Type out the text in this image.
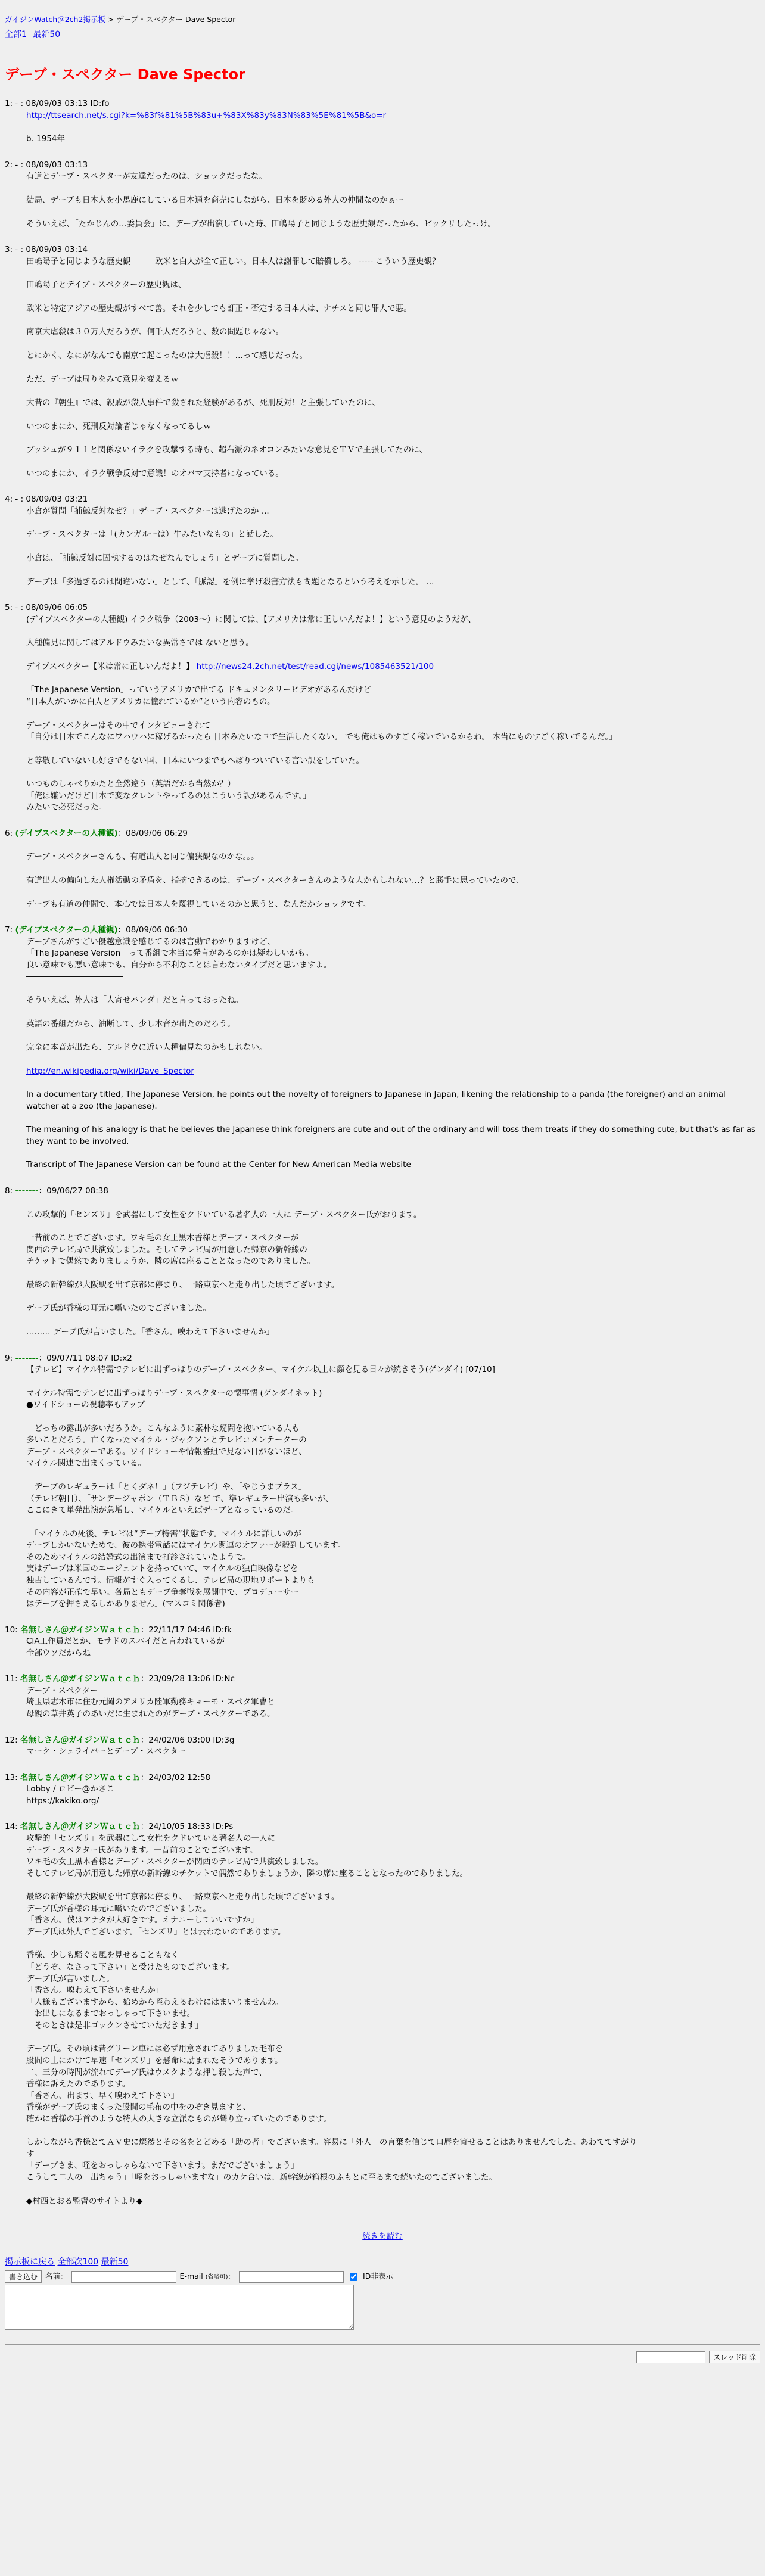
ガイジンWatch＠2ch2掲示板 > デーブ・スペクター Dave Spector

全部1 最新50
デーブ・スペクター Dave Spector
1: - : 08/09/03 03:13 ID:fo

http://ttsearch.net/s.cgi?k=%83f%81%5B%83u+%83X%83y%83N%83%5E%81%5B&o=r

b. 1954年

2: - : 08/09/03 03:13

有道とデーブ・スペクターが友達だったのは、ショックだったな。

結局、デーブも日本人を小馬鹿にしている日本通を商売にしながら、日本を貶める外人の仲間なのかぁー

そういえば、「たかじんの…委員会」に、デーブが出演していた時、田嶋陽子と同じような歴史観だったから、ビックリしたっけ。

3: - : 08/09/03 03:14

田嶋陽子と同じような歴史観　＝　欧米と白人が全て正しい。日本人は謝罪して賠償しろ。 ----- こういう歴史観？

田嶋陽子とデイブ・スペクターの歴史観は、

欧米と特定アジアの歴史観がすべて善。それを少しでも訂正・否定する日本人は、ナチスと同じ罪人で悪。

南京大虐殺は３０万人だろうが、何千人だろうと、数の問題じゃない。

とにかく、なにがなんでも南京で起こったのは大虐殺！！…って感じだった。

ただ、デーブは周りをみて意見を変えるｗ

大昔の『朝生』では、親戚が殺人事件で殺された経験があるが、死刑反対！と主張していたのに、

いつのまにか、死刑反対論者じゃなくなってるしｗ

ブッシュが９１１と関係ないイラクを攻撃する時も、超右派のネオコンみたいな意見をＴＶで主張してたのに、

いつのまにか、イラク戦争反対で意識！のオバマ支持者になっている。

4: - : 08/09/03 03:21

小倉が質問「捕鯨反対なぜ？」デーブ・スペクターは逃げたのか ...

デーブ・スペクターは「(カンガルーは）牛みたいなもの」と話した。

小倉は、「捕鯨反対に固執するのはなぜなんでしょう」とデーブに質問した。

デーブは「多過ぎるのは間違いない」として、「脈認」を例に挙げ殺害方法も問題となるという考えを示した。 ...

5: - : 08/09/06 06:05

(デイブスペクターの人種観) イラク戦争（2003〜）に関しては、【アメリカは常に正しいんだよ！】という意見のようだが、

人種偏見に関してはアルドウみたいな異常さでは ないと思う。

デイブスペクター【米は常に正しいんだよ！】 http://news24.2ch.net/test/read.cgi/news/1085463521/100

「The Japanese Version」っていうアメリカで出てる ドキュメンタリービデオがあるんだけど

“日本人がいかに白人とアメリカに憧れているか”という内容のもの。

デーブ・スペクターはその中でインタビューされて

「自分は日本でこんなにワハウハに稼げるかったら 日本みたいな国で生活したくない。 でも俺はものすごく稼いでいるからね。 本当にものすごく稼いでるんだ。」

と尊敬していないし好きでもない国、日本にいつまでもへばりついている言い訳をしていた。

いつものしゃべりかたと全然違う（英語だから当然か？）

「俺は嫌いだけど日本で変なタレントやってるのはこういう訳があるんです。」

みたいで必死だった。

6: (デイブスペクターの人種観)：08/09/06 06:29

デーブ・スペクターさんも、有道出人と同じ偏狭観なのかな。。。

有道出人の偏向した人権活動の矛盾を、指摘できるのは、デーブ・スペクターさんのような人かもしれない…？と勝手に思っていたので、

デーブも有道の仲間で、本心では日本人を蔑視しているのかと思うと、なんだかショックです。

7: (デイブスペクターの人種観)：08/09/06 06:30

デーブさんがすごい優越意識を感じてるのは言動でわかりますけど、

「The Japanese Version」って番組で本当に発言があるのかは疑わしいかも。

良い意味でも悪い意味でも、自分から不利なことは言わないタイプだと思いますよ。

――――――――――――

そういえば、外人は「人寄せパンダ」だと言っておったね。

英語の番組だから、油断して、少し本音が出たのだろう。

完全に本音が出たら、アルドウに近い人種偏見なのかもしれない。

http://en.wikipedia.org/wiki/Dave_Spector

In a documentary titled, The Japanese Version, he points out the novelty of foreigners to Japanese in Japan, likening the relationship to a panda (the foreigner) and an animal watcher at a zoo (the Japanese).

The meaning of his analogy is that he believes the Japanese think foreigners are cute and out of the ordinary and will toss them treats if they do something cute, but that's as far as they want to be involved.

Transcript of The Japanese Version can be found at the Center for New American Media website

8: -------：09/06/27 08:38

この攻撃的「センズリ」を武器にして女性をクドいている著名人の一人に デーブ・スペクター氏がおります。

一昔前のことでございます。ワキ毛の女王黒木香様とデーブ・スペクターが

関西のテレビ局で共演致しました。そしてテレビ局が用意した帰京の新幹線の

チケットで偶然でありましょうか、隣の席に座ることとなったのでありました。

最終の新幹線が大阪駅を出て京都に停まり、一路東京へと走り出した頃でございます。

デーブ氏が香様の耳元に囁いたのでございました。

……… デーブ氏が言いました。「香さん。嗅わえて下さいませんか」

9: -------：09/07/11 08:07 ID:x2

【テレビ】マイケル特需でテレビに出ずっぱりのデーブ・スペクター、マイケル以上に顔を見る日々が続きそう(ゲンダイ) [07/10]

マイケル特需でテレビに出ずっぱりデーブ・スペクターの懐事情 (ゲンダイネット)

●ワイドショーの視聴率もアップ

　どっちの露出が多いだろうか。こんなふうに素朴な疑問を抱いている人も

多いことだろう。亡くなったマイケル・ジャクソンとテレビコメンテーターの

デーブ・スペクターである。ワイドショーや情報番組で見ない日がないほど、

マイケル関連で出まくっている。

　デーブのレギュラーは「とくダネ！」（フジテレビ）や、「やじうまプラス」

（テレビ朝日）、「サンデージャポン（ＴＢＳ）など で、準レギュラー出演も多いが、

ここにきて単発出演が急増し、マイケルといえばデーブとなっているのだ。

　「マイケルの死後、テレビは“デーブ特需”状態です。マイケルに詳しいのが

デーブしかいないためで、彼の携帯電話にはマイケル関連のオファーが殺到しています。

そのためマイケルの結婚式の出演まで打診されていたようで。

実はデーブは米国のエージェントを持っていて、マイケルの独自映像などを

独占しているんです。情報がすぐ入ってくるし、テレビ局の現地リポートよりも

その内容が正確で早い。各局ともデーブ争奪戦を展開中で、プロデューサー

はデーブを押さえるしかありません」(マスコミ関係者)

10: 名無しさん＠ガイジンＷａｔｃｈ：22/11/17 04:46 ID:fk

CIA工作員だとか、モサドのスパイだと言われているが

全部ウソだからね

11: 名無しさん＠ガイジンＷａｔｃｈ：23/09/28 13:06 ID:Nc

デーブ・スペクター

埼玉県志木市に住む元岡のアメリカ陸軍勤務キョーモ・スペタ軍曹と

母親の草井英子のあいだに生まれたのがデーブ・スペクターである。

12: 名無しさん＠ガイジンＷａｔｃｈ：24/02/06 03:00 ID:3g

マーク・シュライバーとデーブ・スペクター

13: 名無しさん＠ガイジンＷａｔｃｈ：24/03/02 12:58

Lobby / ロビー@かさこ

https://kakiko.org/

14: 名無しさん＠ガイジンＷａｔｃｈ：24/10/05 18:33 ID:Ps

攻撃的「センズリ」を武器にして女性をクドいている著名人の一人に

デーブ・スペクター氏があります。一昔前のことでございます。

ワキ毛の女王黒木香様とデーブ・スペクターが関西のテレビ局で共演致しました。

そしてテレビ局が用意した帰京の新幹線のチケットで偶然でありましょうか、隣の席に座ることとなったのでありました。

最終の新幹線が大阪駅を出て京都に停まり、一路東京へと走り出した頃でございます。

デーブ氏が香様の耳元に囁いたのでございました。

「香さん。僕はアナタが大好きです。オナニーしていいですか」

デーブ氏は外人でございます。「センズリ」とは云わないのであります。

香様、少しも騒ぐる風を見せることもなく

「どうぞ、なさって下さい」と受けたものでございます。

デーブ氏が言いました。

「香さん。嗅わえて下さいませんか」

「人様もございますから、始めから咥わえるわけにはまいりませんわ。

　お出しになるまでおっしゃって下さいませ。

　そのときは是非ゴックンさせていただきます」

デーブ氏。その頃は昔グリーン車には必ず用意されてありました毛布を

股間の上にかけて早速「センズリ」を懸命に励まれたそうであります。

二、三分の時間が流れてデーブ氏はウメクような押し殺した声で、

香様に訴えたのであります。

「香さん、出ます、早く嗅わえて下さい」

香様がデーブ氏のまくった股間の毛布の中をのぞき見ますと、

確かに香様の手首のような特大の大きな立派なものが聳り立っていたのであります。

しかしながら香様とてＡＶ史に燦然とその名をとどめる「助の者」でございます。容易に「外人」の言葉を信じて口唇を寄せることはありませんでした。あわててすがり

す

「デーブさま、咥をおっしゃらないで下さいます。まだでございましょう」

こうして二人の「出ちゃう」「咥をおっしゃいますな」のカケ合いは、新幹線が箱根のふもとに至るまで続いたのでございました。

◆村西とおる監督のサイトより◆

続きを読む
掲示板に戻る 全部次100 最新50
書き込む	名前：	E-mail (省略可)：	ID非表示
スレッド削除
